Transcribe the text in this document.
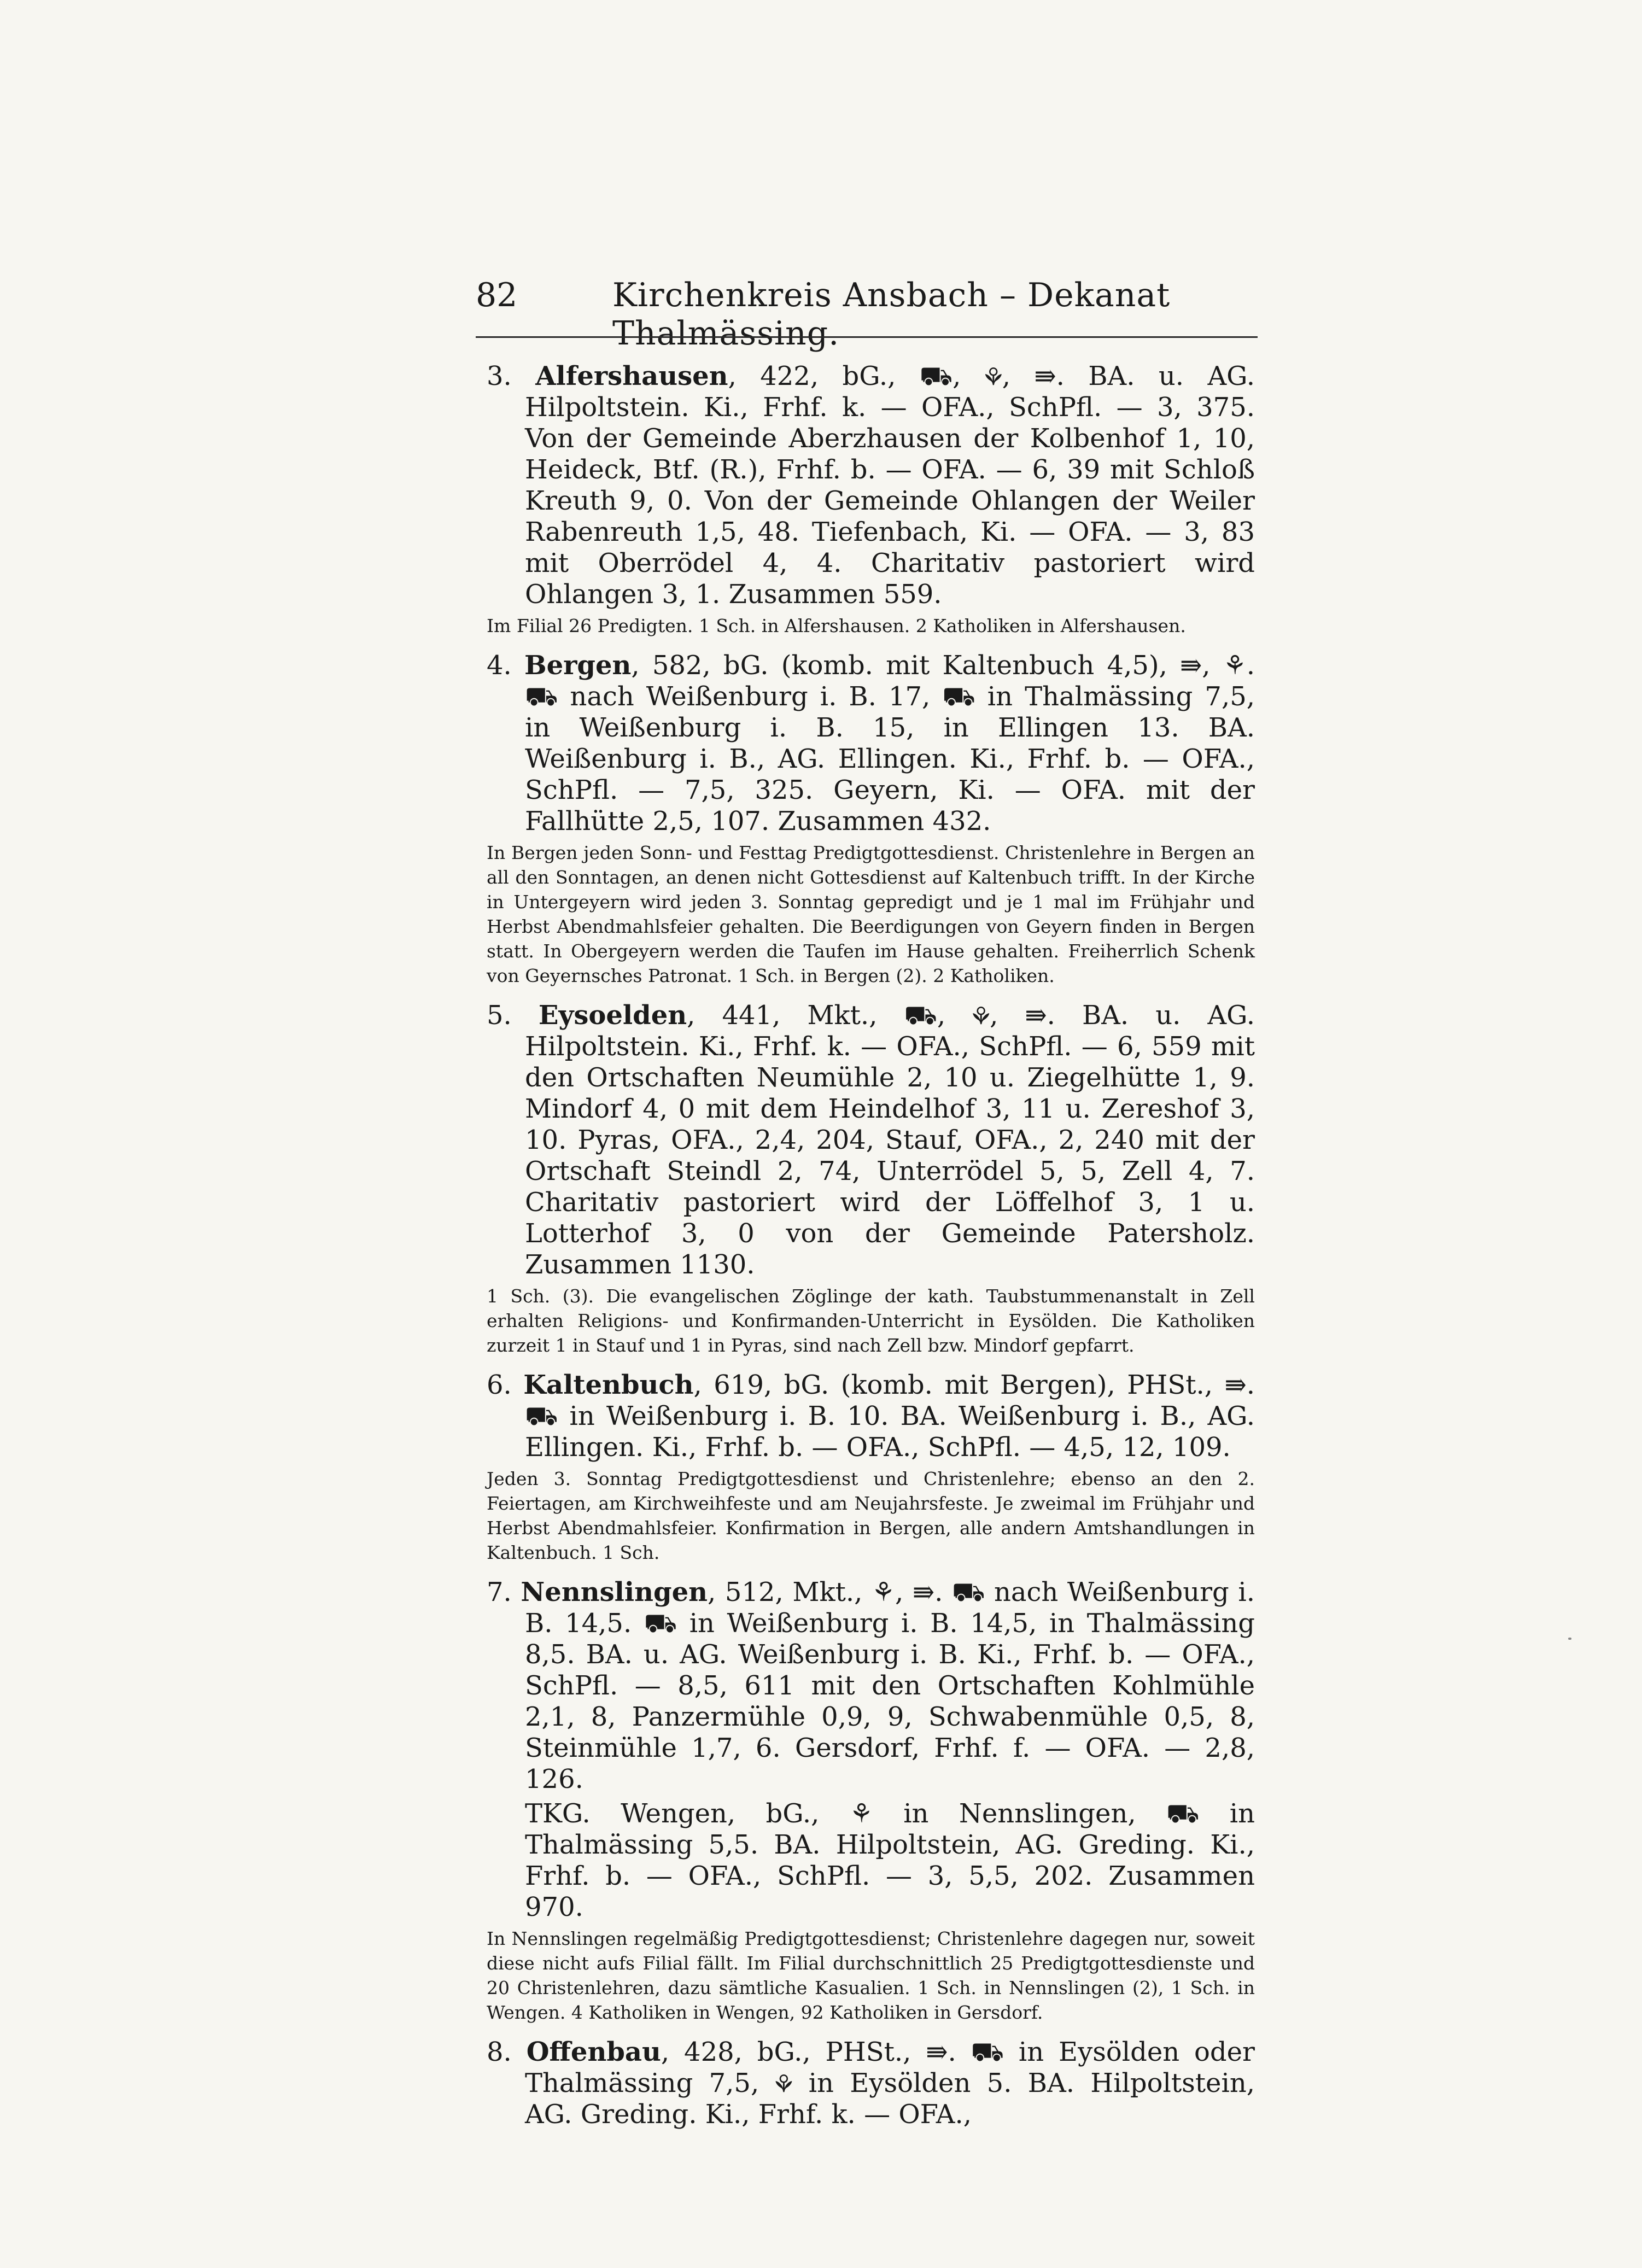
82	Kirchenkreis Ansbach – Dekanat Thalmässing.

3. Alfershausen, 422, bG., ⛟, ⚘, ⇛. BA. u. AG. Hilpoltstein. Ki., Frhf. k. — OFA., SchPfl. — 3, 375. Von der Gemeinde Aberzhausen der Kolbenhof 1, 10, Heideck, Btf. (R.), Frhf. b. — OFA. — 6, 39 mit Schloß Kreuth 9, 0. Von der Gemeinde Ohlangen der Weiler Rabenreuth 1,5, 48. Tiefenbach, Ki. — OFA. — 3, 83 mit Oberrödel 4, 4. Charitativ pastoriert wird Ohlangen 3, 1. Zusammen 559.

Im Filial 26 Predigten. 1 Sch. in Alfershausen. 2 Katholiken in Alfershausen.

4. Bergen, 582, bG. (komb. mit Kaltenbuch 4,5), ⇛, ⚘. ⛟ nach Weißenburg i. B. 17, ⛟ in Thalmässing 7,5, in Weißenburg i. B. 15, in Ellingen 13. BA. Weißenburg i. B., AG. Ellingen. Ki., Frhf. b. — OFA., SchPfl. — 7,5, 325. Geyern, Ki. — OFA. mit der Fallhütte 2,5, 107. Zusammen 432.

In Bergen jeden Sonn- und Festtag Predigtgottesdienst. Christenlehre in Bergen an all den Sonntagen, an denen nicht Gottesdienst auf Kaltenbuch trifft. In der Kirche in Untergeyern wird jeden 3. Sonntag gepredigt und je 1 mal im Frühjahr und Herbst Abendmahlsfeier gehalten. Die Beerdigungen von Geyern finden in Bergen statt. In Obergeyern werden die Taufen im Hause gehalten. Freiherrlich Schenk von Geyernsches Patronat. 1 Sch. in Bergen (2). 2 Katholiken.

5. Eysoelden, 441, Mkt., ⛟, ⚘, ⇛. BA. u. AG. Hilpoltstein. Ki., Frhf. k. — OFA., SchPfl. — 6, 559 mit den Ortschaften Neumühle 2, 10 u. Ziegelhütte 1, 9. Mindorf 4, 0 mit dem Heindelhof 3, 11 u. Zereshof 3, 10. Pyras, OFA., 2,4, 204, Stauf, OFA., 2, 240 mit der Ortschaft Steindl 2, 74, Unterrödel 5, 5, Zell 4, 7. Charitativ pastoriert wird der Löffelhof 3, 1 u. Lotterhof 3, 0 von der Gemeinde Patersholz. Zusammen 1130.

1 Sch. (3). Die evangelischen Zöglinge der kath. Taubstummenanstalt in Zell erhalten Religions- und Konfirmanden-Unterricht in Eysölden. Die Katholiken zurzeit 1 in Stauf und 1 in Pyras, sind nach Zell bzw. Mindorf gepfarrt.

6. Kaltenbuch, 619, bG. (komb. mit Bergen), PHSt., ⇛. ⛟ in Weißenburg i. B. 10. BA. Weißenburg i. B., AG. Ellingen. Ki., Frhf. b. — OFA., SchPfl. — 4,5, 12, 109.

Jeden 3. Sonntag Predigtgottesdienst und Christenlehre; ebenso an den 2. Feiertagen, am Kirchweihfeste und am Neujahrsfeste. Je zweimal im Frühjahr und Herbst Abendmahlsfeier. Konfirmation in Bergen, alle andern Amtshandlungen in Kaltenbuch. 1 Sch.

7. Nennslingen, 512, Mkt., ⚘, ⇛. ⛟ nach Weißenburg i. B. 14,5. ⛟ in Weißenburg i. B. 14,5, in Thalmässing 8,5. BA. u. AG. Weißenburg i. B. Ki., Frhf. b. — OFA., SchPfl. — 8,5, 611 mit den Ortschaften Kohlmühle 2,1, 8, Panzermühle 0,9, 9, Schwabenmühle 0,5, 8, Steinmühle 1,7, 6. Gersdorf, Frhf. f. — OFA. — 2,8, 126.

TKG. Wengen, bG., ⚘ in Nennslingen, ⛟ in Thalmässing 5,5. BA. Hilpoltstein, AG. Greding. Ki., Frhf. b. — OFA., SchPfl. — 3, 5,5, 202. Zusammen 970.

In Nennslingen regelmäßig Predigtgottesdienst; Christenlehre dagegen nur, soweit diese nicht aufs Filial fällt. Im Filial durchschnittlich 25 Predigtgottesdienste und 20 Christenlehren, dazu sämtliche Kasualien. 1 Sch. in Nennslingen (2), 1 Sch. in Wengen. 4 Katholiken in Wengen, 92 Katholiken in Gersdorf.

8. Offenbau, 428, bG., PHSt., ⇛. ⛟ in Eysölden oder Thalmässing 7,5, ⚘ in Eysölden 5. BA. Hilpoltstein, AG. Greding. Ki., Frhf. k. — OFA.,
